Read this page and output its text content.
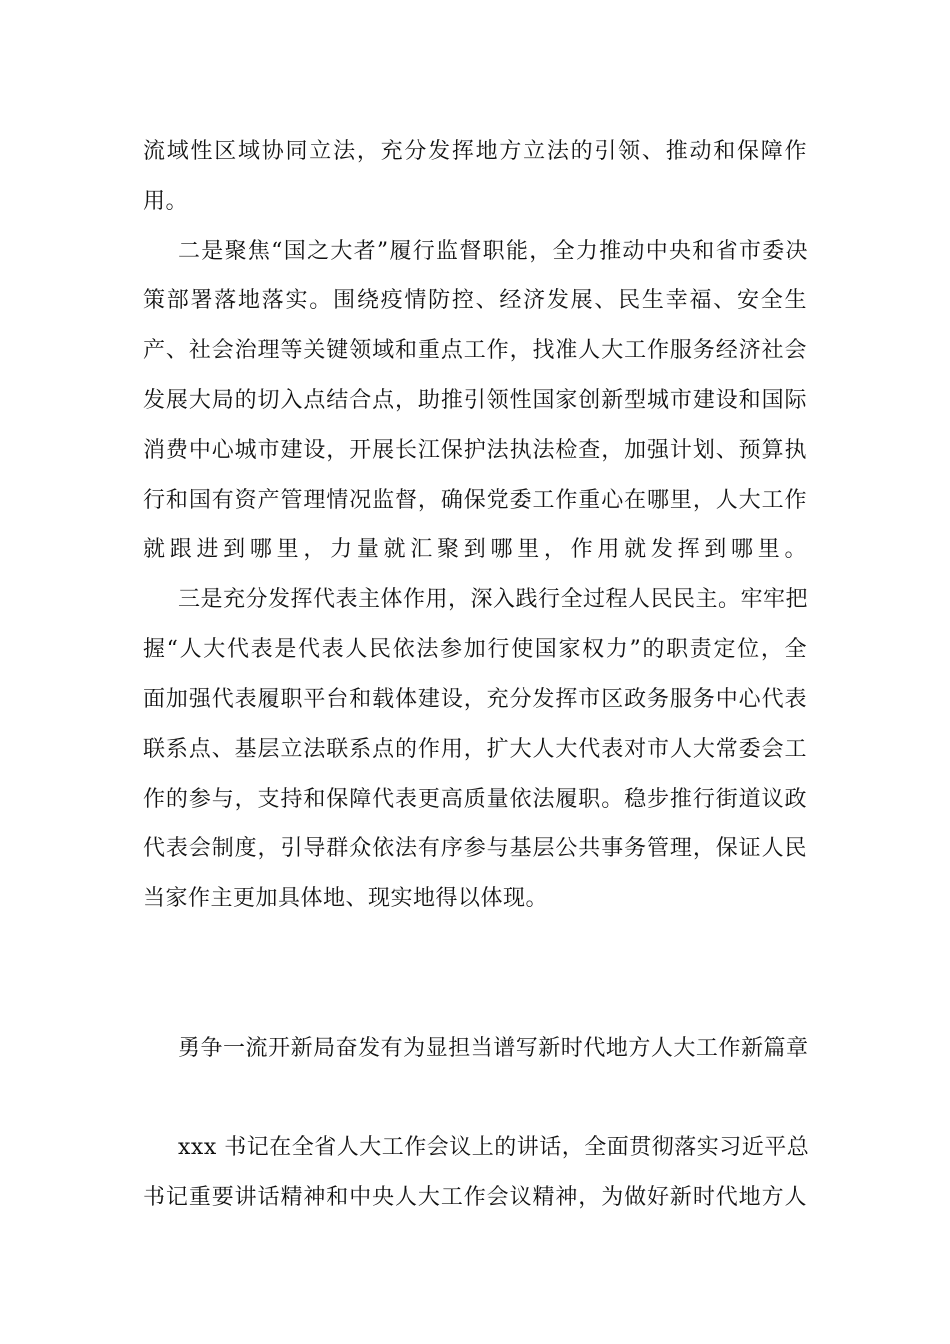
流域性区域协同立法，充分发挥地方立法的引领、推动和保障作
用。
二是聚焦“国之大者”履行监督职能，全力推动中央和省市委决
策部署落地落实。围绕疫情防控、经济发展、民生幸福、安全生
产、社会治理等关键领域和重点工作，找准人大工作服务经济社会
发展大局的切入点结合点，助推引领性国家创新型城市建设和国际
消费中心城市建设，开展长江保护法执法检查，加强计划、预算执
行和国有资产管理情况监督，确保党委工作重心在哪里，人大工作
就跟进到哪里，力量就汇聚到哪里，作用就发挥到哪里。
三是充分发挥代表主体作用，深入践行全过程人民民主。牢牢把
握“人大代表是代表人民依法参加行使国家权力”的职责定位，全
面加强代表履职平台和载体建设，充分发挥市区政务服务中心代表
联系点、基层立法联系点的作用，扩大人大代表对市人大常委会工
作的参与，支持和保障代表更高质量依法履职。稳步推行街道议政
代表会制度，引导群众依法有序参与基层公共事务管理，保证人民
当家作主更加具体地、现实地得以体现。
勇争一流开新局奋发有为显担当谱写新时代地方人大工作新篇章
xxx 书记在全省人大工作会议上的讲话，全面贯彻落实习近平总
书记重要讲话精神和中央人大工作会议精神，为做好新时代地方人
